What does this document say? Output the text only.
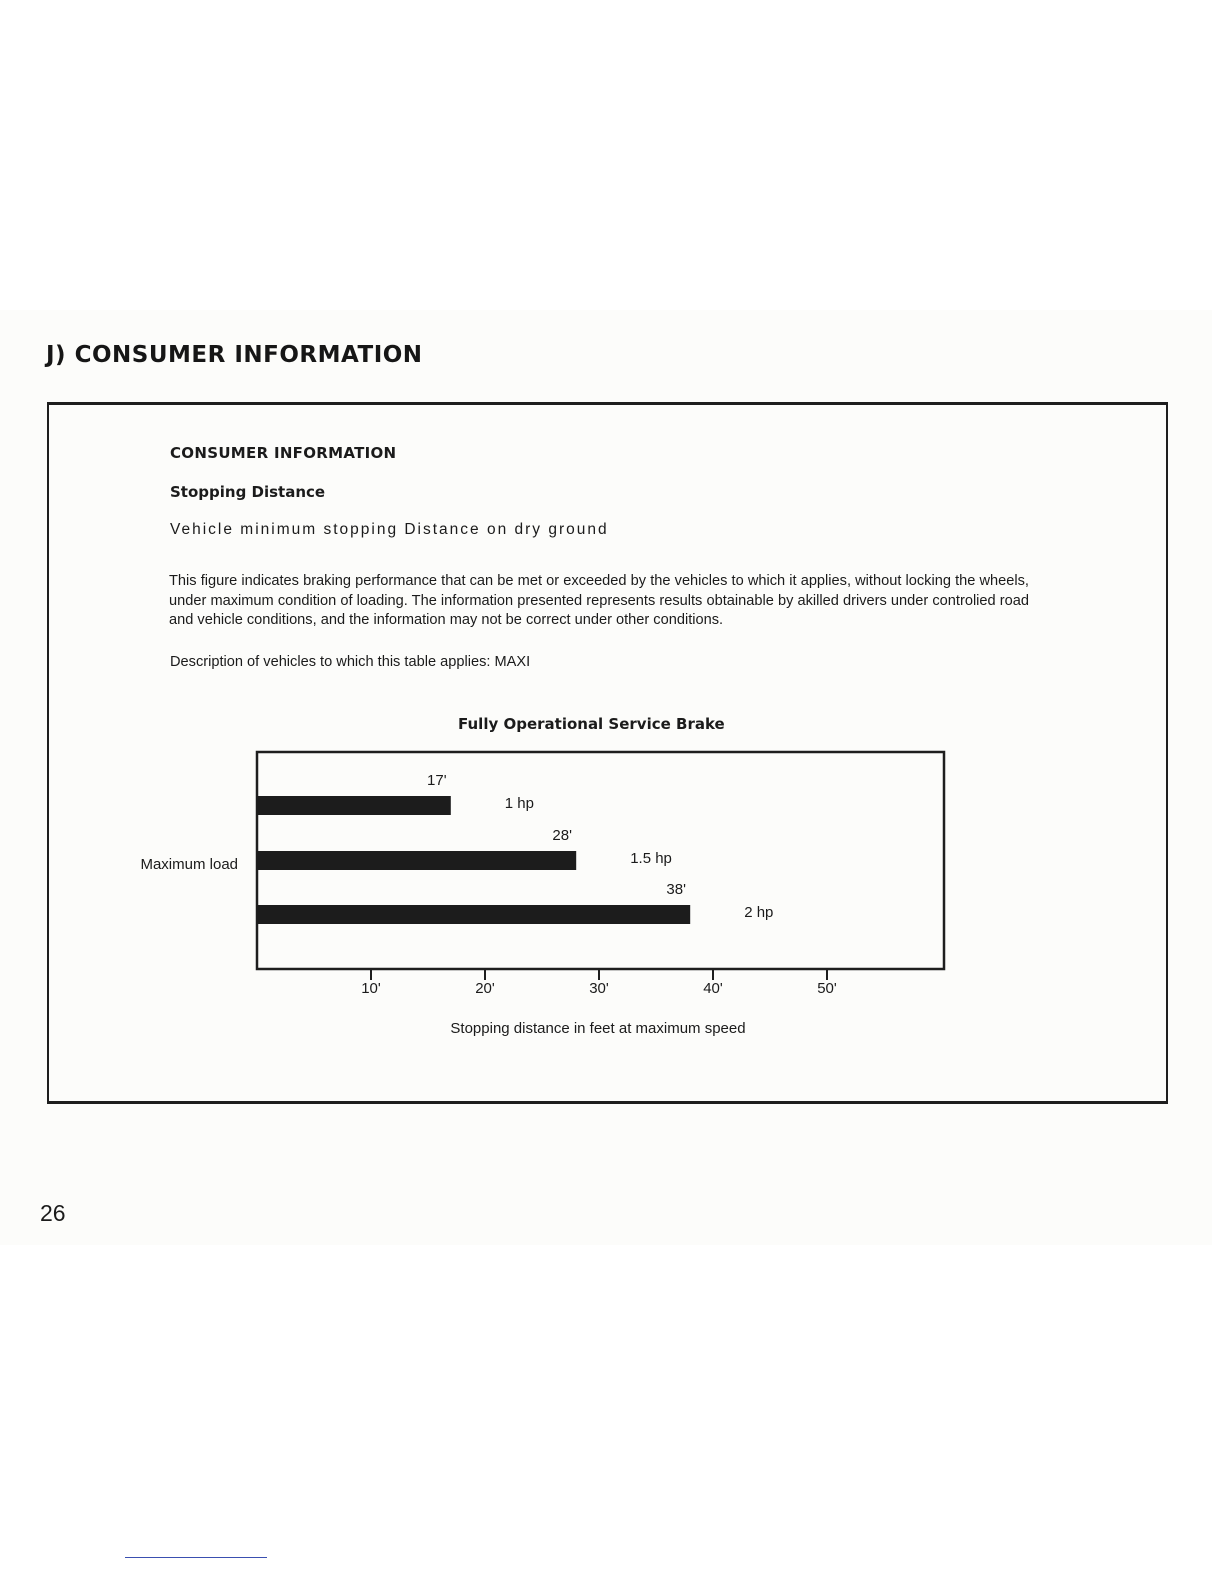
J) CONSUMER INFORMATION
CONSUMER INFORMATION
Stopping Distance

Vehicle minimum stopping Distance on dry ground

This figure indicates braking performance that can be met or exceeded by the vehicles to which it applies, without locking the wheels, under maximum condition of loading. The information presented represents results obtainable by akilled drivers under controlied road and vehicle conditions, and the information may not be correct under other conditions.

Description of vehicles to which this table applies: MAXI

Fully Operational Service Brake
Maximum load
Stopping distance in feet at maximum speed
17'
1 hp
28'
1.5 hp
38'
2 hp
10'	20'	30'	40'	50'

26
